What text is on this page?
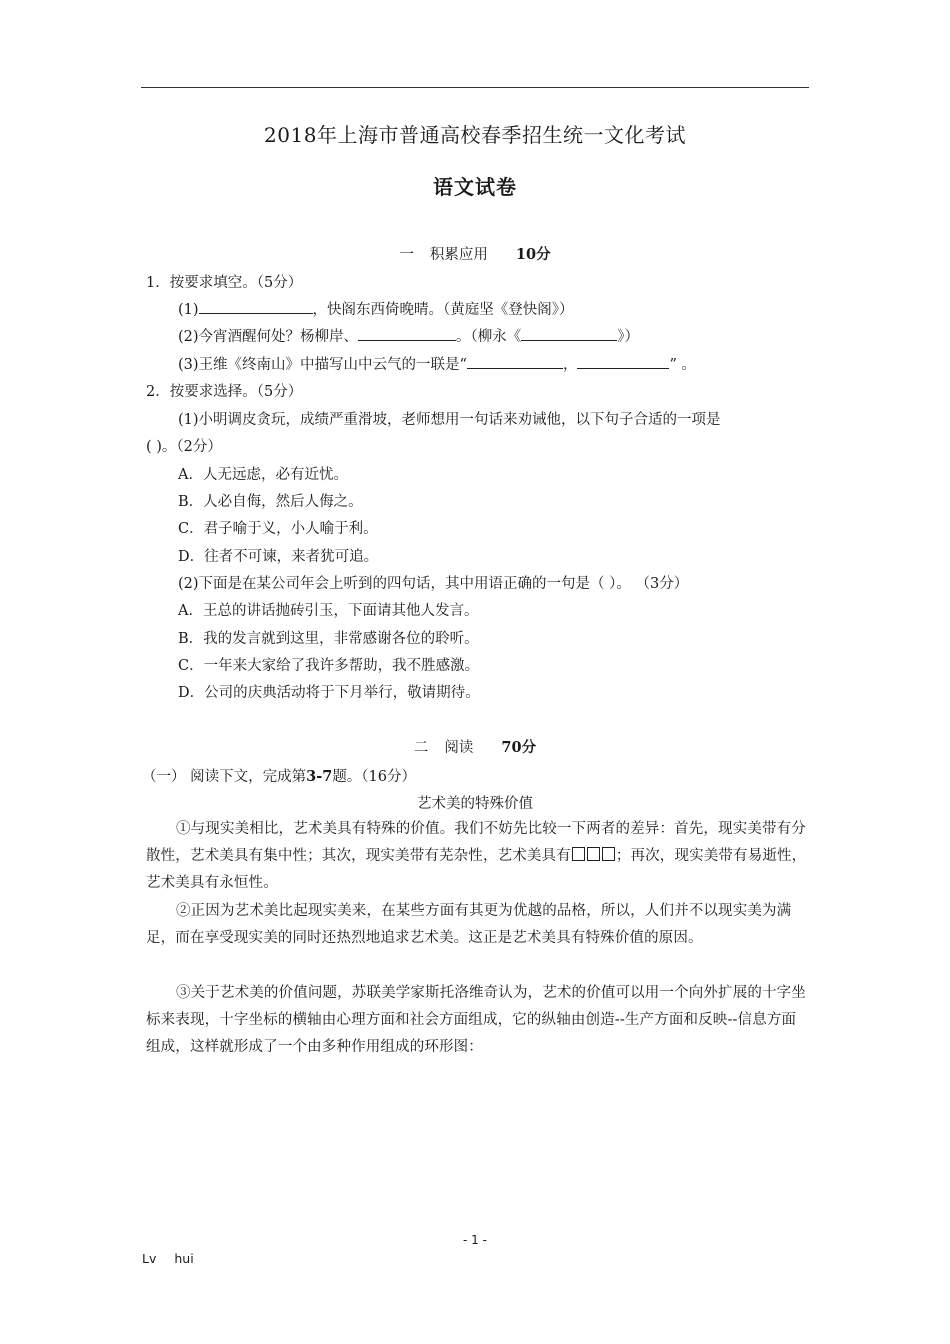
2018年上海市普通高校春季招生统一文化考试
语文试卷
一 积累应用 10分
1．按要求填空。（5分）
(1)	，快阁东西倚晚晴。（黄庭坚《登快阁》）
(2)今宵酒醒何处？杨柳岸、	。（柳永《	》）
(3)王维《终南山》中描写山中云气的一联是“	，	” 。
2．按要求选择。（5分）
(1)小明调皮贪玩，成绩严重滑坡，老师想用一句话来劝诫他，以下句子合适的一项是
( )。（2分）
A．人无远虑，必有近忧。
B．人必自侮，然后人侮之。
C．君子喻于义，小人喻于利。
D．往者不可谏，来者犹可追。
(2)下面是在某公司年会上听到的四句话，其中用语正确的一句是（ ）。 （3分）
A．王总的讲话抛砖引玉，下面请其他人发言。
B．我的发言就到这里，非常感谢各位的聆听。
C．一年来大家给了我许多帮助，我不胜感激。
D．公司的庆典活动将于下月举行，敬请期待。
二 阅读 70分
（一） 阅读下文，完成第3-7题。（16分）
艺术美的特殊价值
①与现实美相比，艺术美具有特殊的价值。我们不妨先比较一下两者的差异：首先，现实美带有分散性，艺术美具有集中性；其次，现实美带有芜杂性，艺术美具有	；再次，现实美带有易逝性，艺术美具有永恒性。
②正因为艺术美比起现实美来，在某些方面有其更为优越的品格，所以，人们并不以现实美为满足，而在享受现实美的同时还热烈地追求艺术美。这正是艺术美具有特殊价值的原因。
③关于艺术美的价值问题，苏联美学家斯托洛维奇认为，艺术的价值可以用一个向外扩展的十字坐标来表现，十字坐标的横轴由心理方面和社会方面组成，它的纵轴由创造--生产方面和反映--信息方面组成，这样就形成了一个由多种作用组成的环形图：
- 1 -
Lv hui
